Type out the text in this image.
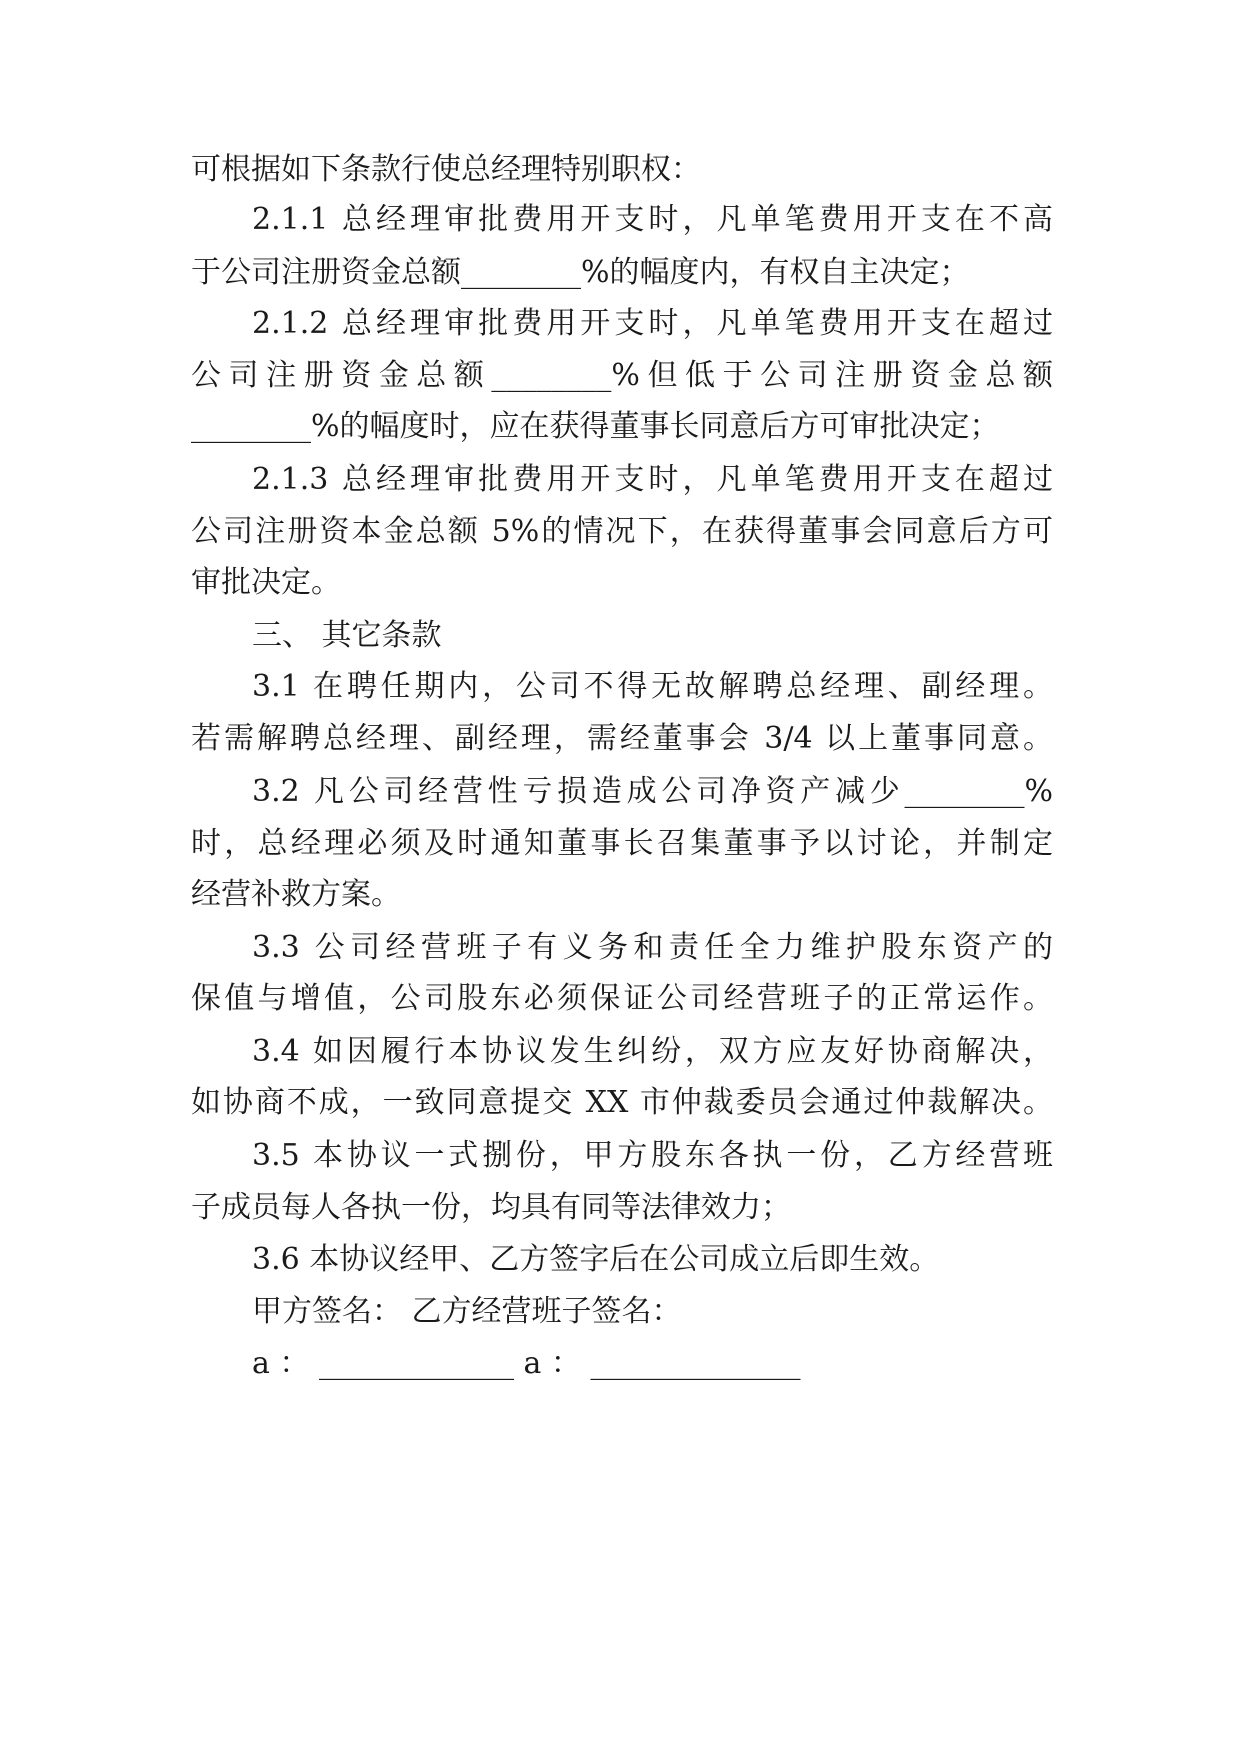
可根据如下条款行使总经理特别职权：
2.1.1 总经理审批费用开支时，凡单笔费用开支在不高
于公司注册资金总额________%的幅度内，有权自主决定；
2.1.2 总经理审批费用开支时，凡单笔费用开支在超过
公司注册资金总额________%但低于公司注册资金总额
________%的幅度时，应在获得董事长同意后方可审批决定；
2.1.3 总经理审批费用开支时，凡单笔费用开支在超过
公司注册资本金总额 5%的情况下，在获得董事会同意后方可
审批决定。
三、 其它条款
3.1 在聘任期内，公司不得无故解聘总经理、副经理。
若需解聘总经理、副经理，需经董事会 3/4 以上董事同意。
3.2 凡公司经营性亏损造成公司净资产减少________%
时，总经理必须及时通知董事长召集董事予以讨论，并制定
经营补救方案。
3.3 公司经营班子有义务和责任全力维护股东资产的
保值与增值，公司股东必须保证公司经营班子的正常运作。
3.4 如因履行本协议发生纠纷，双方应友好协商解决，
如协商不成，一致同意提交 XX 市仲裁委员会通过仲裁解决。
3.5 本协议一式捌份，甲方股东各执一份，乙方经营班
子成员每人各执一份，均具有同等法律效力；
3.6 本协议经甲、乙方签字后在公司成立后即生效。
甲方签名： 乙方经营班子签名：
a ： _____________ a ： ______________
